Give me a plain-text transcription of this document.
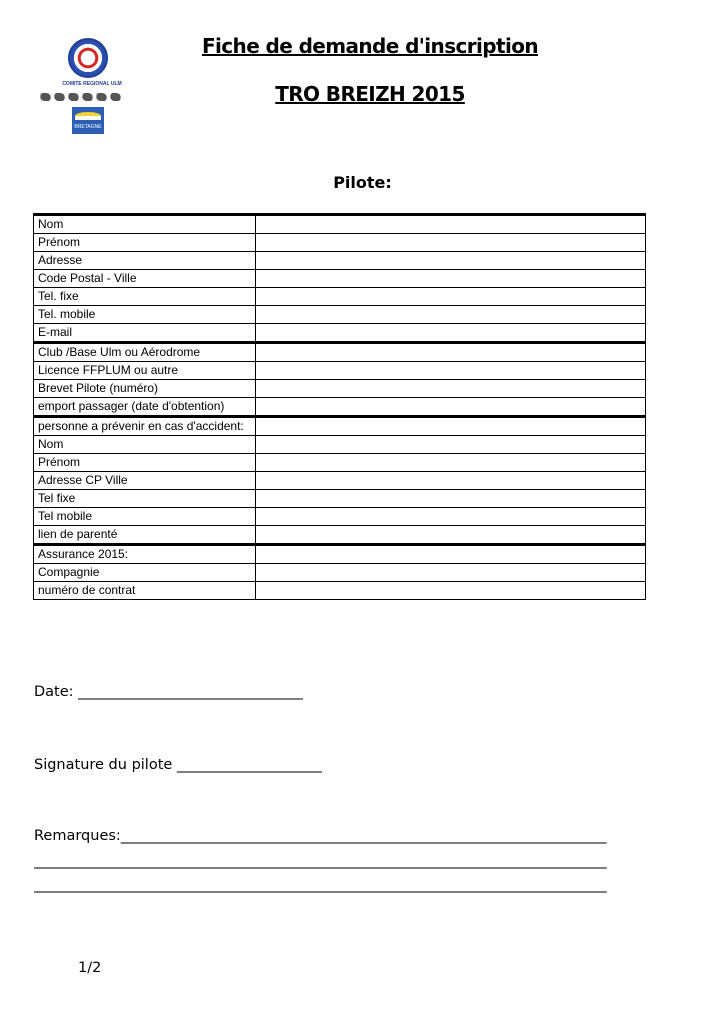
COMITE REGIONAL ULM
BRETAGNE
Fiche de demande d'inscription
TRO BREIZH 2015
Pilote:
Nom	
Prénom	
Adresse	
Code Postal - Ville	
Tel. fixe	
Tel. mobile	
E-mail	
Club /Base Ulm ou Aérodrome	
Licence FFPLUM ou autre	
Brevet Pilote (numéro)	
emport passager (date d'obtention)	
personne a prévenir en cas d'accident:	
Nom	
Prénom	
Adresse CP Ville	
Tel fixe	
Tel mobile	
lien de parenté	
Assurance 2015:	
Compagnie	
numéro de contrat	
Date: _______________________________
Signature du pilote ____________________
Remarques:___________________________________________________________________
_______________________________________________________________________________
_______________________________________________________________________________
1/2
